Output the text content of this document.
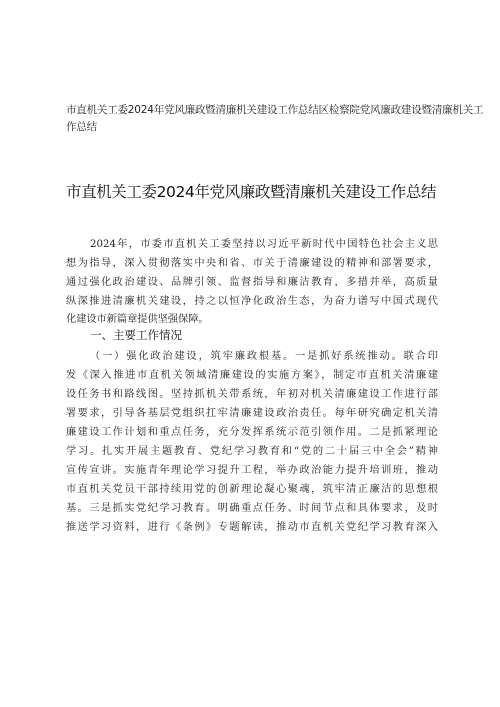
市直机关工委2024年党风廉政暨清廉机关建设工作总结区检察院党风廉政建设暨清廉机关工
作总结
市直机关工委2024年党风廉政暨清廉机关建设工作总结
2024年，市委市直机关工委坚持以习近平新时代中国特色社会主义思
想为指导，深入贯彻落实中央和省、市关于清廉建设的精神和部署要求，
通过强化政治建设、品牌引领、监督指导和廉洁教育，多措并举，高质量
纵深推进清廉机关建设，持之以恒净化政治生态，为奋力谱写中国式现代
化建设市新篇章提供坚强保障。
一、主要工作情况
（一）强化政治建设，筑牢廉政根基。一是抓好系统推动。联合印
发《深入推进市直机关领域清廉建设的实施方案》，制定市直机关清廉建
设任务书和路线图。坚持抓机关带系统，年初对机关清廉建设工作进行部
署要求，引导各基层党组织扛牢清廉建设政治责任。每年研究确定机关清
廉建设工作计划和重点任务，充分发挥系统示范引领作用。二是抓紧理论
学习。扎实开展主题教育、党纪学习教育和“党的二十届三中全会”精神
宣传宣讲。实施青年理论学习提升工程，举办政治能力提升培训班，推动
市直机关党员干部持续用党的创新理论凝心聚魂，筑牢清正廉洁的思想根
基。三是抓实党纪学习教育。明确重点任务、时间节点和具体要求，及时
推送学习资料，进行《条例》专题解读，推动市直机关党纪学习教育深入
